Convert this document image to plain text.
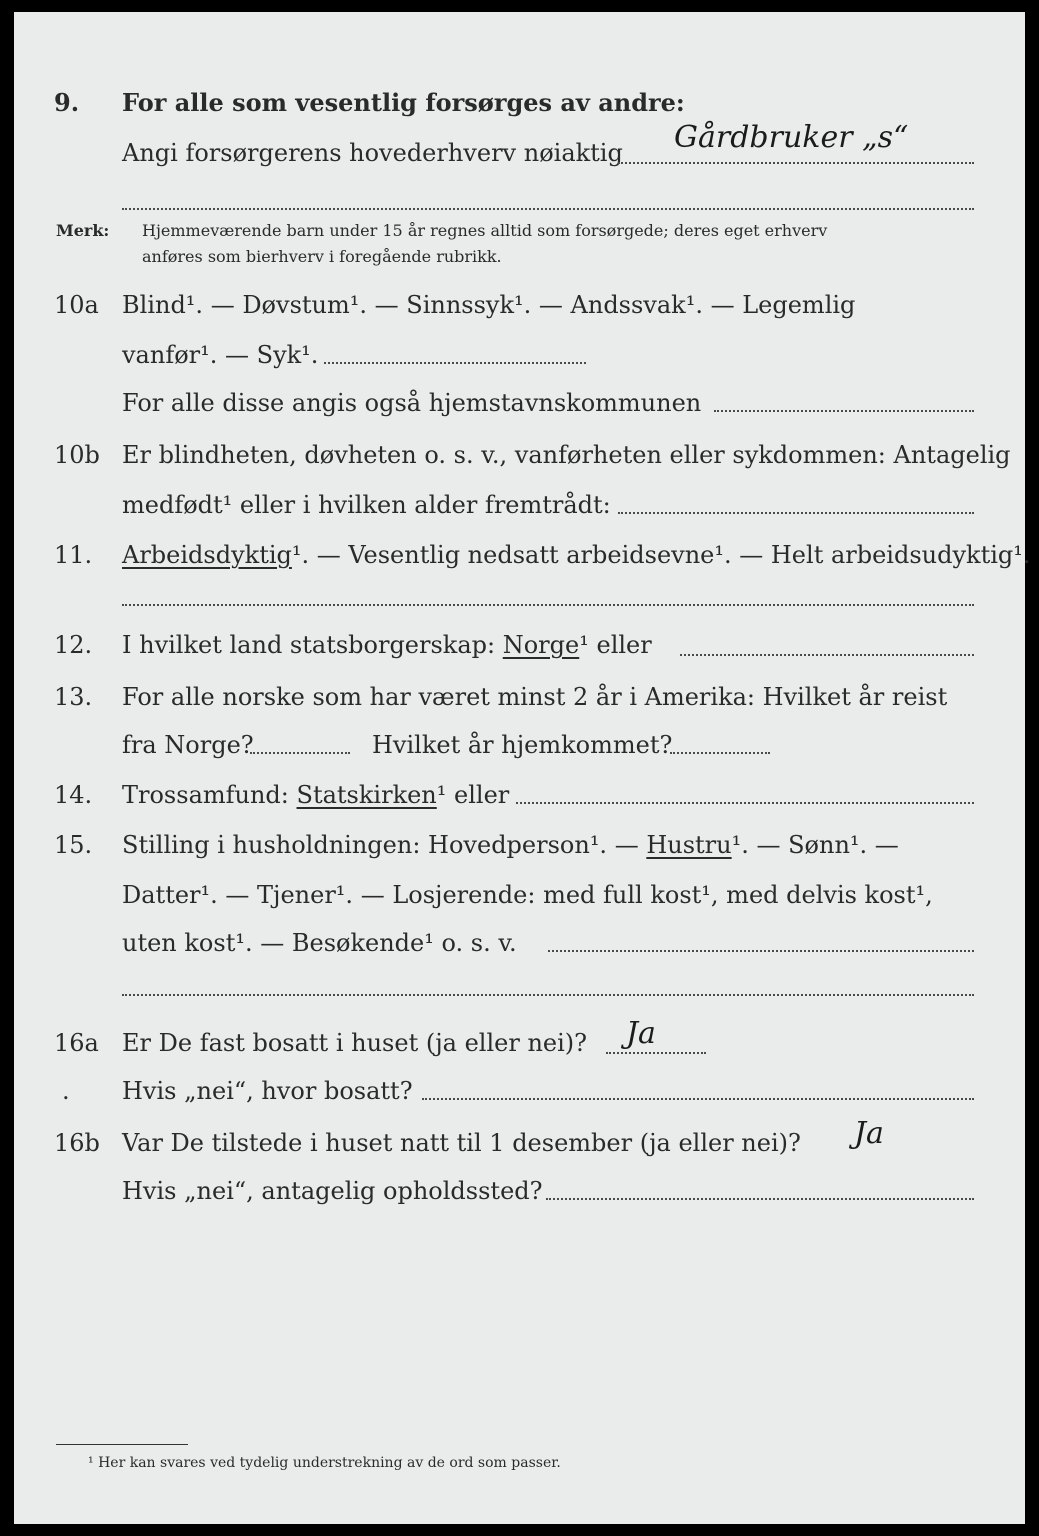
9. For alle som vesentlig forsørges av andre:
Angi forsørgerens hovederhverv nøiaktig Gårdbruker „s“
Merk: Hjemmeværende barn under 15 år regnes alltid som forsørgede; deres eget erhverv
anføres som bierhverv i foregående rubrikk.
10a Blind¹. — Døvstum¹. — Sinnssyk¹. — Andssvak¹. — Legemlig
vanfør¹. — Syk¹.
For alle disse angis også hjemstavnskommunen
10b Er blindheten, døvheten o. s. v., vanførheten eller sykdommen: Antagelig
medfødt¹ eller i hvilken alder fremtrådt:
11. Arbeidsdyktig¹. — Vesentlig nedsatt arbeidsevne¹. — Helt arbeidsudyktig¹.
12. I hvilket land statsborgerskap: Norge¹ eller
13. For alle norske som har været minst 2 år i Amerika: Hvilket år reist
fra Norge?	Hvilket år hjemkommet?
14. Trossamfund: Statskirken¹ eller
15. Stilling i husholdningen: Hovedperson¹. — Hustru¹. — Sønn¹. —
Datter¹. — Tjener¹. — Losjerende: med full kost¹, med delvis kost¹,
uten kost¹. — Besøkende¹ o. s. v.
16a Er De fast bosatt i huset (ja eller nei)? Ja
. Hvis „nei“, hvor bosatt?
16b Var De tilstede i huset natt til 1 desember (ja eller nei)? Ja
Hvis „nei“, antagelig opholdssted?
¹ Her kan svares ved tydelig understrekning av de ord som passer.
